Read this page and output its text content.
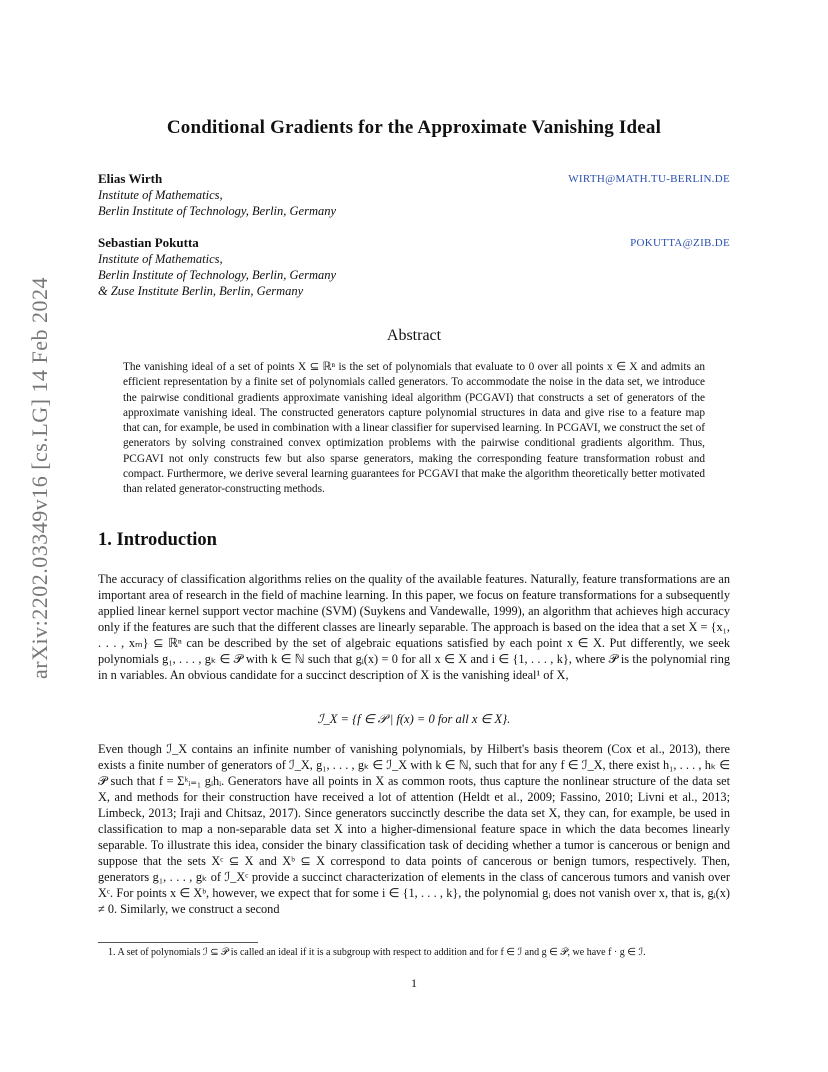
arXiv:2202.03349v16 [cs.LG] 14 Feb 2024
Conditional Gradients for the Approximate Vanishing Ideal
Elias Wirth	WIRTH@MATH.TU-BERLIN.DE
Institute of Mathematics,
Berlin Institute of Technology, Berlin, Germany
Sebastian Pokutta	POKUTTA@ZIB.DE
Institute of Mathematics,
Berlin Institute of Technology, Berlin, Germany
& Zuse Institute Berlin, Berlin, Germany
Abstract

The vanishing ideal of a set of points X ⊆ ℝⁿ is the set of polynomials that evaluate to 0 over all points x ∈ X and admits an efficient representation by a finite set of polynomials called generators. To accommodate the noise in the data set, we introduce the pairwise conditional gradients approximate vanishing ideal algorithm (PCGAVI) that constructs a set of generators of the approximate vanishing ideal. The constructed generators capture polynomial structures in data and give rise to a feature map that can, for example, be used in combination with a linear classifier for supervised learning. In PCGAVI, we construct the set of generators by solving constrained convex optimization problems with the pairwise conditional gradients algorithm. Thus, PCGAVI not only constructs few but also sparse generators, making the corresponding feature transformation robust and compact. Furthermore, we derive several learning guarantees for PCGAVI that make the algorithm theoretically better motivated than related generator-constructing methods.

1. Introduction

The accuracy of classification algorithms relies on the quality of the available features. Naturally, feature transformations are an important area of research in the field of machine learning. In this paper, we focus on feature transformations for a subsequently applied linear kernel support vector machine (SVM) (Suykens and Vandewalle, 1999), an algorithm that achieves high accuracy only if the features are such that the different classes are linearly separable. The approach is based on the idea that a set X = {x₁, . . . , xₘ} ⊆ ℝⁿ can be described by the set of algebraic equations satisfied by each point x ∈ X. Put differently, we seek polynomials g₁, . . . , gₖ ∈ 𝒫 with k ∈ ℕ such that gᵢ(x) = 0 for all x ∈ X and i ∈ {1, . . . , k}, where 𝒫 is the polynomial ring in n variables. An obvious candidate for a succinct description of X is the vanishing ideal¹ of X,

ℐ_X = {f ∈ 𝒫 | f(x) = 0 for all x ∈ X}.

Even though ℐ_X contains an infinite number of vanishing polynomials, by Hilbert's basis theorem (Cox et al., 2013), there exists a finite number of generators of ℐ_X, g₁, . . . , gₖ ∈ ℐ_X with k ∈ ℕ, such that for any f ∈ ℐ_X, there exist h₁, . . . , hₖ ∈ 𝒫 such that f = Σᵏᵢ₌₁ gᵢhᵢ. Generators have all points in X as common roots, thus capture the nonlinear structure of the data set X, and methods for their construction have received a lot of attention (Heldt et al., 2009; Fassino, 2010; Livni et al., 2013; Limbeck, 2013; Iraji and Chitsaz, 2017). Since generators succinctly describe the data set X, they can, for example, be used in classification to map a non-separable data set X into a higher-dimensional feature space in which the data becomes linearly separable. To illustrate this idea, consider the binary classification task of deciding whether a tumor is cancerous or benign and suppose that the sets Xᶜ ⊆ X and Xᵇ ⊆ X correspond to data points of cancerous or benign tumors, respectively. Then, generators g₁, . . . , gₖ of ℐ_Xᶜ provide a succinct characterization of elements in the class of cancerous tumors and vanish over Xᶜ. For points x ∈ Xᵇ, however, we expect that for some i ∈ {1, . . . , k}, the polynomial gᵢ does not vanish over x, that is, gᵢ(x) ≠ 0. Similarly, we construct a second

1. A set of polynomials ℐ ⊆ 𝒫 is called an ideal if it is a subgroup with respect to addition and for f ∈ ℐ and g ∈ 𝒫, we have f · g ∈ ℐ.

1
